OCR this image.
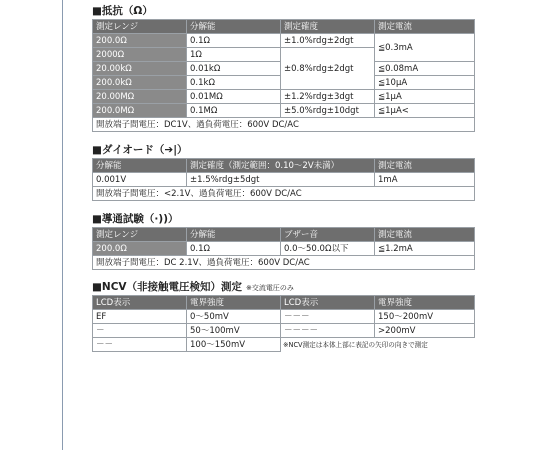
■抵抗（Ω）
測定レンジ	分解能	測定確度	測定電流
200.0Ω	0.1Ω	±1.0%rdg±2dgt	≦0.3mA
2000Ω	1Ω	±0.8%rdg±2dgt	
20.00kΩ	0.01kΩ		≦0.08mA
200.0kΩ	0.1kΩ		≦10μA
20.00MΩ	0.01MΩ	±1.2%rdg±3dgt	≦1μA
200.0MΩ	0.1MΩ	±5.0%rdg±10dgt	≦1μA<
開放端子間電圧：DC1V、過負荷電圧：600V DC/AC			
■ダイオード（➔|）
分解能	測定確度（測定範囲：0.10～2V未満）	測定電流
0.001V	±1.5%rdg±5dgt	1mA
開放端子間電圧：<2.1V、過負荷電圧：600V DC/AC		
■導通試験（·))）
測定レンジ	分解能	ブザー音	測定電流
200.0Ω	0.1Ω	0.0～50.0Ω以下	≦1.2mA
開放端子間電圧：DC 2.1V、過負荷電圧：600V DC/AC			
■NCV（非接触電圧検知）測定 ※交流電圧のみ
LCD表示	電界強度	LCD表示	電界強度
EF	0～50mV	－－－	150～200mV
－	50～100mV	－－－－	>200mV
－－	100～150mV	※NCV測定は本体上部に表記の矢印の向きで測定	
